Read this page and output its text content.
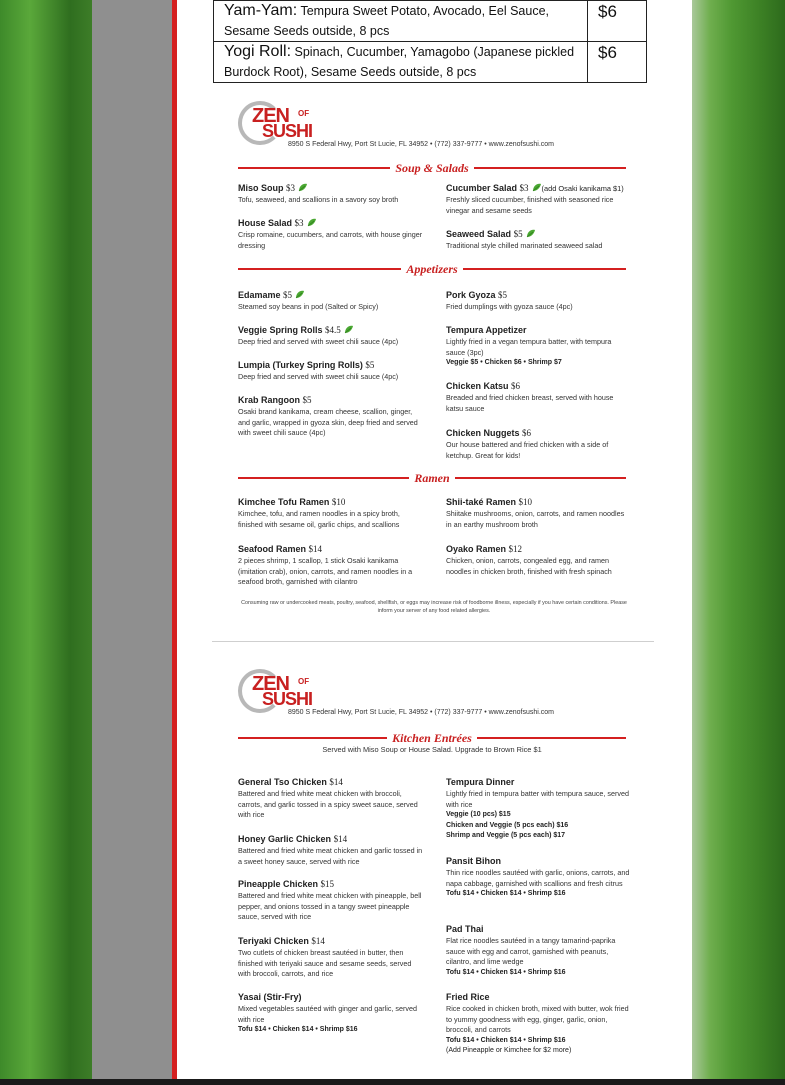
Yam-Yam: Tempura Sweet Potato, Avocado, Eel Sauce, Sesame Seeds outside, 8 pcs	$6
Yogi Roll: Spinach, Cucumber, Yamagobo (Japanese pickled Burdock Root), Sesame Seeds outside, 8 pcs	$6
ZEN OF
SUSHI
8950 S Federal Hwy, Port St Lucie, FL 34952 • (772) 337-9777 • www.zenofsushi.com
Soup & Salads
Miso Soup $3
Tofu, seaweed, and scallions in a savory soy broth
House Salad $3
Crisp romaine, cucumbers, and carrots, with house ginger dressing
Cucumber Salad $3 (add Osaki kanikama $1)
Freshly sliced cucumber, finished with seasoned rice vinegar and sesame seeds
Seaweed Salad $5
Traditional style chilled marinated seaweed salad
Appetizers
Edamame $5
Steamed soy beans in pod (Salted or Spicy)
Veggie Spring Rolls $4.5
Deep fried and served with sweet chili sauce (4pc)
Lumpia (Turkey Spring Rolls) $5
Deep fried and served with sweet chili sauce (4pc)
Krab Rangoon $5
Osaki brand kanikama, cream cheese, scallion, ginger, and garlic, wrapped in gyoza skin, deep fried and served with sweet chili sauce (4pc)
Pork Gyoza $5
Fried dumplings with gyoza sauce (4pc)
Tempura Appetizer
Lightly fried in a vegan tempura batter, with tempura sauce (3pc)
Veggie $5 • Chicken $6 • Shrimp $7
Chicken Katsu $6
Breaded and fried chicken breast, served with house katsu sauce
Chicken Nuggets $6
Our house battered and fried chicken with a side of ketchup. Great for kids!
Ramen
Kimchee Tofu Ramen $10
Kimchee, tofu, and ramen noodles in a spicy broth, finished with sesame oil, garlic chips, and scallions
Seafood Ramen $14
2 pieces shrimp, 1 scallop, 1 stick Osaki kanikama (imitation crab), onion, carrots, and ramen noodles in a seafood broth, garnished with cilantro
Shii-také Ramen $10
Shiitake mushrooms, onion, carrots, and ramen noodles in an earthy mushroom broth
Oyako Ramen $12
Chicken, onion, carrots, congealed egg, and ramen noodles in chicken broth, finished with fresh spinach
Consuming raw or undercooked meats, poultry, seafood, shellfish, or eggs may increase risk of foodborne illness, especially if you have certain conditions. Please inform your server of any food related allergies.
ZEN OF
SUSHI
8950 S Federal Hwy, Port St Lucie, FL 34952 • (772) 337-9777 • www.zenofsushi.com
Kitchen Entrées
Served with Miso Soup or House Salad. Upgrade to Brown Rice $1
General Tso Chicken $14
Battered and fried white meat chicken with broccoli, carrots, and garlic tossed in a spicy sweet sauce, served with rice
Honey Garlic Chicken $14
Battered and fried white meat chicken and garlic tossed in a sweet honey sauce, served with rice
Pineapple Chicken $15
Battered and fried white meat chicken with pineapple, bell pepper, and onions tossed in a tangy sweet pineapple sauce, served with rice
Teriyaki Chicken $14
Two cutlets of chicken breast sautéed in butter, then finished with teriyaki sauce and sesame seeds, served with broccoli, carrots, and rice
Yasai (Stir-Fry)
Mixed vegetables sautéed with ginger and garlic, served with rice
Tofu $14 • Chicken $14 • Shrimp $16
Tempura Dinner
Lightly fried in tempura batter with tempura sauce, served with rice
Veggie (10 pcs) $15
Chicken and Veggie (5 pcs each) $16
Shrimp and Veggie (5 pcs each) $17
Pansit Bihon
Thin rice noodles sautéed with garlic, onions, carrots, and napa cabbage, garnished with scallions and fresh citrus
Tofu $14 • Chicken $14 • Shrimp $16
Pad Thai
Flat rice noodles sautéed in a tangy tamarind-paprika sauce with egg and carrot, garnished with peanuts, cilantro, and lime wedge
Tofu $14 • Chicken $14 • Shrimp $16
Fried Rice
Rice cooked in chicken broth, mixed with butter, wok fried to yummy goodness with egg, ginger, garlic, onion, broccoli, and carrots
Tofu $14 • Chicken $14 • Shrimp $16
(Add Pineapple or Kimchee for $2 more)
